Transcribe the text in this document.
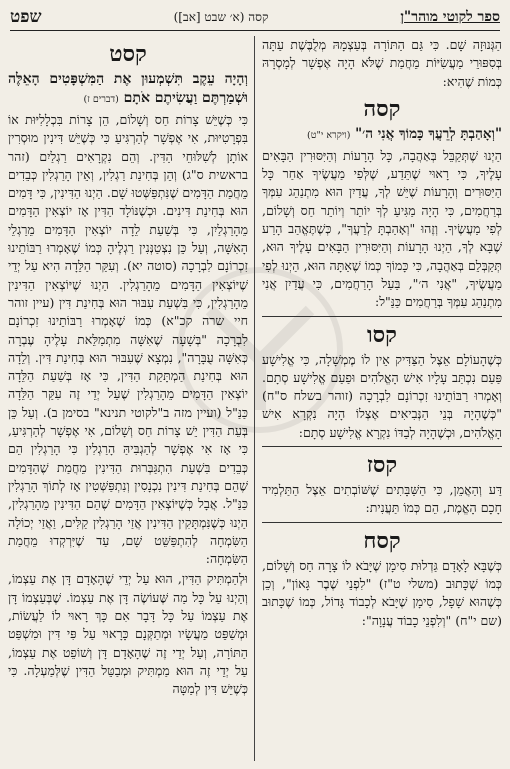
ספר לקוטי מוהר"ן
קסה (א׳ שבט [אב])
שפט

הַגְּנוּזָה שָׁם. כִּי גַּם הַתּוֹרָה בְּעַצְמָהּ מְלֻבֶּשֶׁת עַתָּה בְּסִפּוּרֵי מַעֲשִׂיּוֹת מֵחֲמַת שֶׁלֹּא הָיָה אֶפְשָׁר לְמָסְרָהּ כְּמוֹת שֶׁהִיא:

קסה

"וְאָהַבְתָּ לְרֵעֲךָ כָּמוֹךָ אֲנִי ה׳" (ויקרא י"ט)

הַיְנוּ שֶׁתְּקַבֵּל בְּאַהֲבָה, כָּל הָרָעוֹת וְהַיִּסּוּרִין הַבָּאִים עָלֶיךָ, כִּי רָאוּי שֶׁתֵּדַע, שֶׁלְּפִי מַעֲשֶׂיךָ אַחַר כָּל הַיִּסּוּרִים וְהָרָעוֹת שֶׁיֵּשׁ לְךָ, עֲדַיִן הוּא מִתְנַהֵג עִמְּךָ בְּרַחֲמִים, כִּי הָיָה מַגִּיעַ לְךָ יוֹתֵר וְיוֹתֵר חַס וְשָׁלוֹם, לְפִי מַעֲשֶׂיךָ. וְזֶהוּ "וְאָהַבְתָּ לְרֵעֲךָ", כְּשֶׁתֶּאֱהַב הָרַע שֶׁבָּא לְךָ, הַיְנוּ הָרָעוֹת וְהַיִּסּוּרִין הַבָּאִים עָלֶיךָ הוּא, תְּקַבְּלֵם בְּאַהֲבָה, כִּי כָּמוֹךָ כְּמוֹ שֶׁאַתָּה הוּא, הַיְנוּ לְפִי מַעֲשֶׂיךָ, "אֲנִי ה׳", בַּעַל הָרַחֲמִים, כִּי עֲדַיִן אֲנִי מִתְנַהֵג עִמְּךָ בְּרַחֲמִים כַּנַּ"ל:

קסו

כְּשֶׁהָעוֹלָם אֵצֶל הַצַּדִּיק אֵין לוֹ מֶמְשָׁלָה, כִּי אֱלִישָׁע פַּעַם נִכְתַּב עָלָיו אִישׁ הָאֱלֹהִים וּפַעַם אֱלִישָׁע סְתָם. וְאָמְרוּ רַבּוֹתֵינוּ זִכְרוֹנָם לִבְרָכָה (זוהר בשלח ס"ח) "כְּשֶׁהָיָה בְּנֵי הַנְּבִיאִים אֶצְלוֹ הָיָה נִקְרָא אִישׁ הָאֱלֹהִים, וּכְשֶׁהָיָה לְבַדּוֹ נִקְרָא אֱלִישָׁע סְתָם:

קסז

דַּע וְהַאֲמֵן, כִּי הַשַּׁבָּתִים שֶׁשּׁוֹבְתִים אֵצֶל הַתַּלְמִיד חָכָם הָאֱמֶת, הֵם כְּמוֹ תַּעֲנִית:

קסח

כְּשֶׁבָּא לָאָדָם גַּדְלוּת סִימָן שֶׁיָּבֹא לוֹ צָרָה חַס וְשָׁלוֹם, כְּמוֹ שֶׁכָּתוּב (משלי ט"ז) "לִפְנֵי שֶׁבֶר גָּאוֹן", וְכֵן כְּשֶׁהוּא שָׁפָל, סִימָן שֶׁיָּבֹא לְכָבוֹד גָּדוֹל, כְּמוֹ שֶׁכָּתוּב (שם י"ח) "וְלִפְנֵי כָבוֹד עֲנָוָה":

קסט

וְהָיָה עֵקֶב תִּשְׁמְעוּן אֶת הַמִּשְׁפָּטִים הָאֵלֶּה וּשְׁמַרְתֶּם וַעֲשִׂיתֶם אֹתָם (דברים ז)

כִּי כְּשֶׁיֵּשׁ צָרוֹת חַס וְשָׁלוֹם, הֵן צָרוֹת בִּכְלָלִיּוּת אוֹ בִּפְרָטִיּוּת, אִי אֶפְשָׁר לְהַרְגִּיעַ כִּי כְּשֶׁיֵּשׁ דִּינִין מוּסְרִין אוֹתָן לְשִׁלּוּחֵי הַדִּין. וְהֵם נִקְרָאִים רַגְלַיִם (זהר בראשית ס"ג) וְהֵן בְּחִינַת רַגְלִין, וְאֵין הָרַגְלִין כְּבֵדִים מֵחֲמַת הַדָּמִים שֶׁנִּתְפַּשְּׁטוּ שָׁם. הַיְנוּ הַדִּינִין, כִּי דָּמִים הוּא בְּחִינַת דִּינִים. וּכְשֶׁנּוֹלָד הַדִּין אָז יוֹצְאִין הַדָּמִים מֵהָרַגְלַיִן, כִּי בְּשַׁעַת לֵדָה יוֹצְאִין הַדָּמִים מֵרַגְלֵי הָאִשָּׁה, וְעַל כֵּן נִצְטַנְּנִין רַגְלֶיהָ כְּמוֹ שֶׁאָמְרוּ רַבּוֹתֵינוּ זִכְרוֹנָם לִבְרָכָה (סוטה יא). וְעִקַּר הַלֵּדָה הִיא עַל יְדֵי שֶׁיּוֹצְאִין הַדָּמִים מֵהָרַגְלִין. הַיְנוּ שֶׁיּוֹצְאִין הַדִּינִין מֵהָרַגְלִין, כִּי בִּשְׁעַת עִבּוּר הוּא בְּחִינַת דִּין (עיין זוהר חיי שרה קכ"א) כְּמוֹ שֶׁאָמְרוּ רַבּוֹתֵינוּ זִכְרוֹנָם לִבְרָכָה "בְּשָׁעָה שֶׁאִשָּׁה מִתְמַלֵּאת עָלֶיהָ עֶבְרָה כְּאִשָּׁה עֻבָּרָה", נִמְצָא שֶׁעִבּוּר הוּא בְּחִינַת דִּין. וְלֵדָה הוּא בְּחִינַת הַמְתָּקַת הַדִּין, כִּי אָז בְּשַׁעַת הַלֵּדָה יוֹצְאִין הַדָּמִים מֵהָרַגְלִין שֶׁעַל יְדֵי זֶה עִקַּר הַלֵּדָה כַּנַּ"ל (ועיין מזה ב"לקוטי תנינא" בסימן ב). וְעַל כֵּן בְּעֵת הַדִּין יֵשׁ צָרוֹת חַס וְשָׁלוֹם, אִי אֶפְשָׁר לְהַרְגִּיעַ, כִּי אָז אִי אֶפְשָׁר לְהַגְבִּיהַּ הָרַגְלִין כִּי הָרַגְלִין הֵם כְּבֵדִים בִּשְׁעַת הִתְגַּבְּרוּת הַדִּינִין מֵחֲמַת שֶׁהַדָּמִים שֶׁהֵם בְּחִינַת דִּינִין נִכְנָסִין וְנִתְפַּשְּׁטִין אָז לְתוֹךְ הָרַגְלִין כַּנַּ"ל. אֲבָל כְּשֶׁיּוֹצְאִין הַדָּמִים שֶׁהֵם הַדִּינִין מֵהָרַגְלִין, הַיְנוּ כְּשֶׁנִּמְתָּקִין הַדִּינִין אֲזַי הָרַגְלִין קַלִּים, וַאֲזַי יְכוֹלָה הַשִּׂמְחָה לְהִתְפַּשֵּׁט שָׁם, עַד שֶׁיִּרְקְדוּ מֵחֲמַת הַשִּׂמְחָה:

וּלְהַמְתִּיק הַדִּין, הוּא עַל יְדֵי שֶׁהָאָדָם דָּן אֶת עַצְמוֹ, וְהַיְנוּ עַל כָּל מַה שֶּׁעוֹשֶׂה דָּן אֶת עַצְמוֹ. שֶׁבְּעַצְמוֹ דָּן אֶת עַצְמוֹ עַל כָּל דָּבָר אִם כָּךְ רָאוּי לוֹ לַעֲשׂוֹת, וּמְשַׁפֵּט מַעֲשָׂיו וּמְתַקְּנָם כָּרָאוּי עַל פִּי דִּין וּמִשְׁפַּט הַתּוֹרָה, וְעַל יְדֵי זֶה שֶׁהָאָדָם דָּן וְשׁוֹפֵט אֶת עַצְמוֹ, עַל יְדֵי זֶה הוּא מַמְתִּיק וּמְבַטֵּל הַדִּין שֶׁלְּמַעְלָה. כִּי כְּשֶׁיֵּשׁ דִּין לְמַטָּה
